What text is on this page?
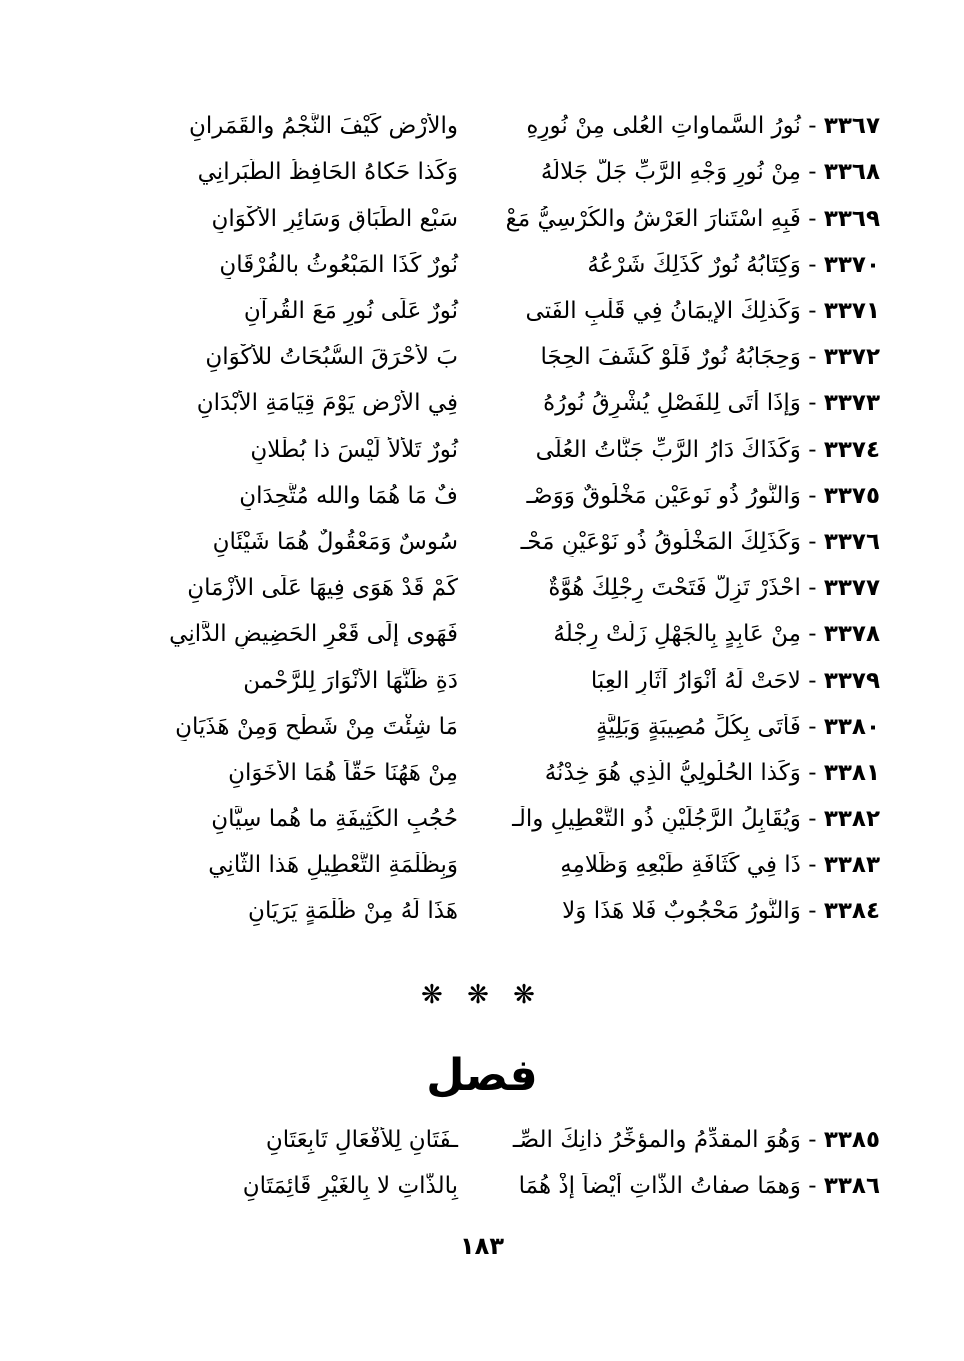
٣٣٦٧ - نُورُ السَّماواتِ العُلى مِنْ نُورِهِ
والأرْضِ كَيْفَ النَّجْمُ والقَمَرانِ
٣٣٦٨ - مِنْ نُورِ وَجْهِ الرَّبِّ جَلَّ جَلالُهُ
وَكَذا حَكاهُ الحَافِظُ الطَّبَرانِي
٣٣٦٩ - فَبِهِ اسْتَنارَ العَرْشُ والكُرْسِيُّ مَعْ
سَبْعِ الطِّبَاقِ وَسَائِرِ الأكْوَانِ
٣٣٧٠ - وَكِتَابُهُ نُورٌ كَذَلِكَ شَرْعُهُ
نُورٌ كَذَا المَبْعُوثُ بالفُرْقَانِ
٣٣٧١ - وَكَذلِكَ الإيمَانُ فِي قَلْبِ الفَتى
نُورٌ عَلَى نُورٍ مَعَ القُرآنِ
٣٣٧٢ - وَحِجَابُهُ نُورٌ فَلَوْ كَشَفَ الحِجَا
بَ لأحْرَقَ السُّبُحَاتُ للأكْوَانِ
٣٣٧٣ - وَإذَا أتَى لِلفَصْلِ يُشْرِقُ نُورُهُ
فِي الأرْضِ يَوْمَ قِيَامَةِ الأبْدَانِ
٣٣٧٤ - وَكَذَاكَ دَارُ الرَّبِّ جَنَّاتُ العُلَى
نُورٌ تَلألأَ لَيْسَ ذا بُطْلانِ
٣٣٧٥ - وَالنُّورُ ذُو نَوعَيْنِ مَخْلُوقٌ وَوَصْـ
فٌ مَا هُمَا والله مُتَّحِدَانِ
٣٣٧٦ - وَكَذَلِكَ المَخْلُوقُ ذُو نَوْعَيْنِ مَحْـ
سُوسٌ وَمَعْقُولٌ هُمَا شَيْئَانِ
٣٣٧٧ - احْذَرْ تَزِلَّ فَتَحْتَ رِجْلِكَ هُوَّةٌ
كَمْ قَدْ هَوَى فِيهَا عَلَى الأزْمَانِ
٣٣٧٨ - مِنْ عَابِدٍ بِالجَهْلِ زَلَّتْ رِجْلُهُ
فَهَوى إلَى قَعْرِ الحَضِيضِ الدَّانِي
٣٣٧٩ - لاحَتْ لَهُ أنْوَارُ آثَارِ العِبَا
دَةِ ظَنَّهَا الأنْوَارَ لِلرَّحْمنِ
٣٣٨٠ - فَأَتَى بِكُلِّ مُصِيبَةٍ وَبَلِيَّةٍ
مَا شِئْتَ مِنْ شَطْحٍ وَمِنْ هَذَيَانِ
٣٣٨١ - وَكَذا الحُلُولِيُّ الَّذِي هُوَ خِدْنُهُ
مِنْ هَهُنَا حَقّاً هُمَا الأخَوَانِ
٣٣٨٢ - وَيُقَابِلُ الرَّجُلَيْنِ ذُو التَّعْطِيلِ والْـ
حُجُبِ الكَثِيفَةِ ما هُما سِيَّانِ
٣٣٨٣ - ذَا فِي كَثَافَةِ طَبْعِهِ وَظَلامِهِ
وَبِظُلْمَةِ التَّعْطِيلِ هَذا الثَّانِي
٣٣٨٤ - وَالنُّورُ مَحْجُوبٌ فَلا هَذَا وَلا
هَذَا لَهُ مِنْ ظُلْمَةٍ يَرَيَانِ
❋ ❋ ❋
فصل
٣٣٨٥ - وَهُوَ المقدِّمُ والمؤخِّرُ ذانِكَ الصِّـ
ـفَتَانِ لِلأفْعَالِ تَابِعَتَانِ
٣٣٨٦ - وَهمَا صفاتُ الذَّاتِ أيْضاً إذْ هُمَا
بِالذَّاتِ لا بِالغَيْرِ قَائِمَتَانِ
١٨٣
